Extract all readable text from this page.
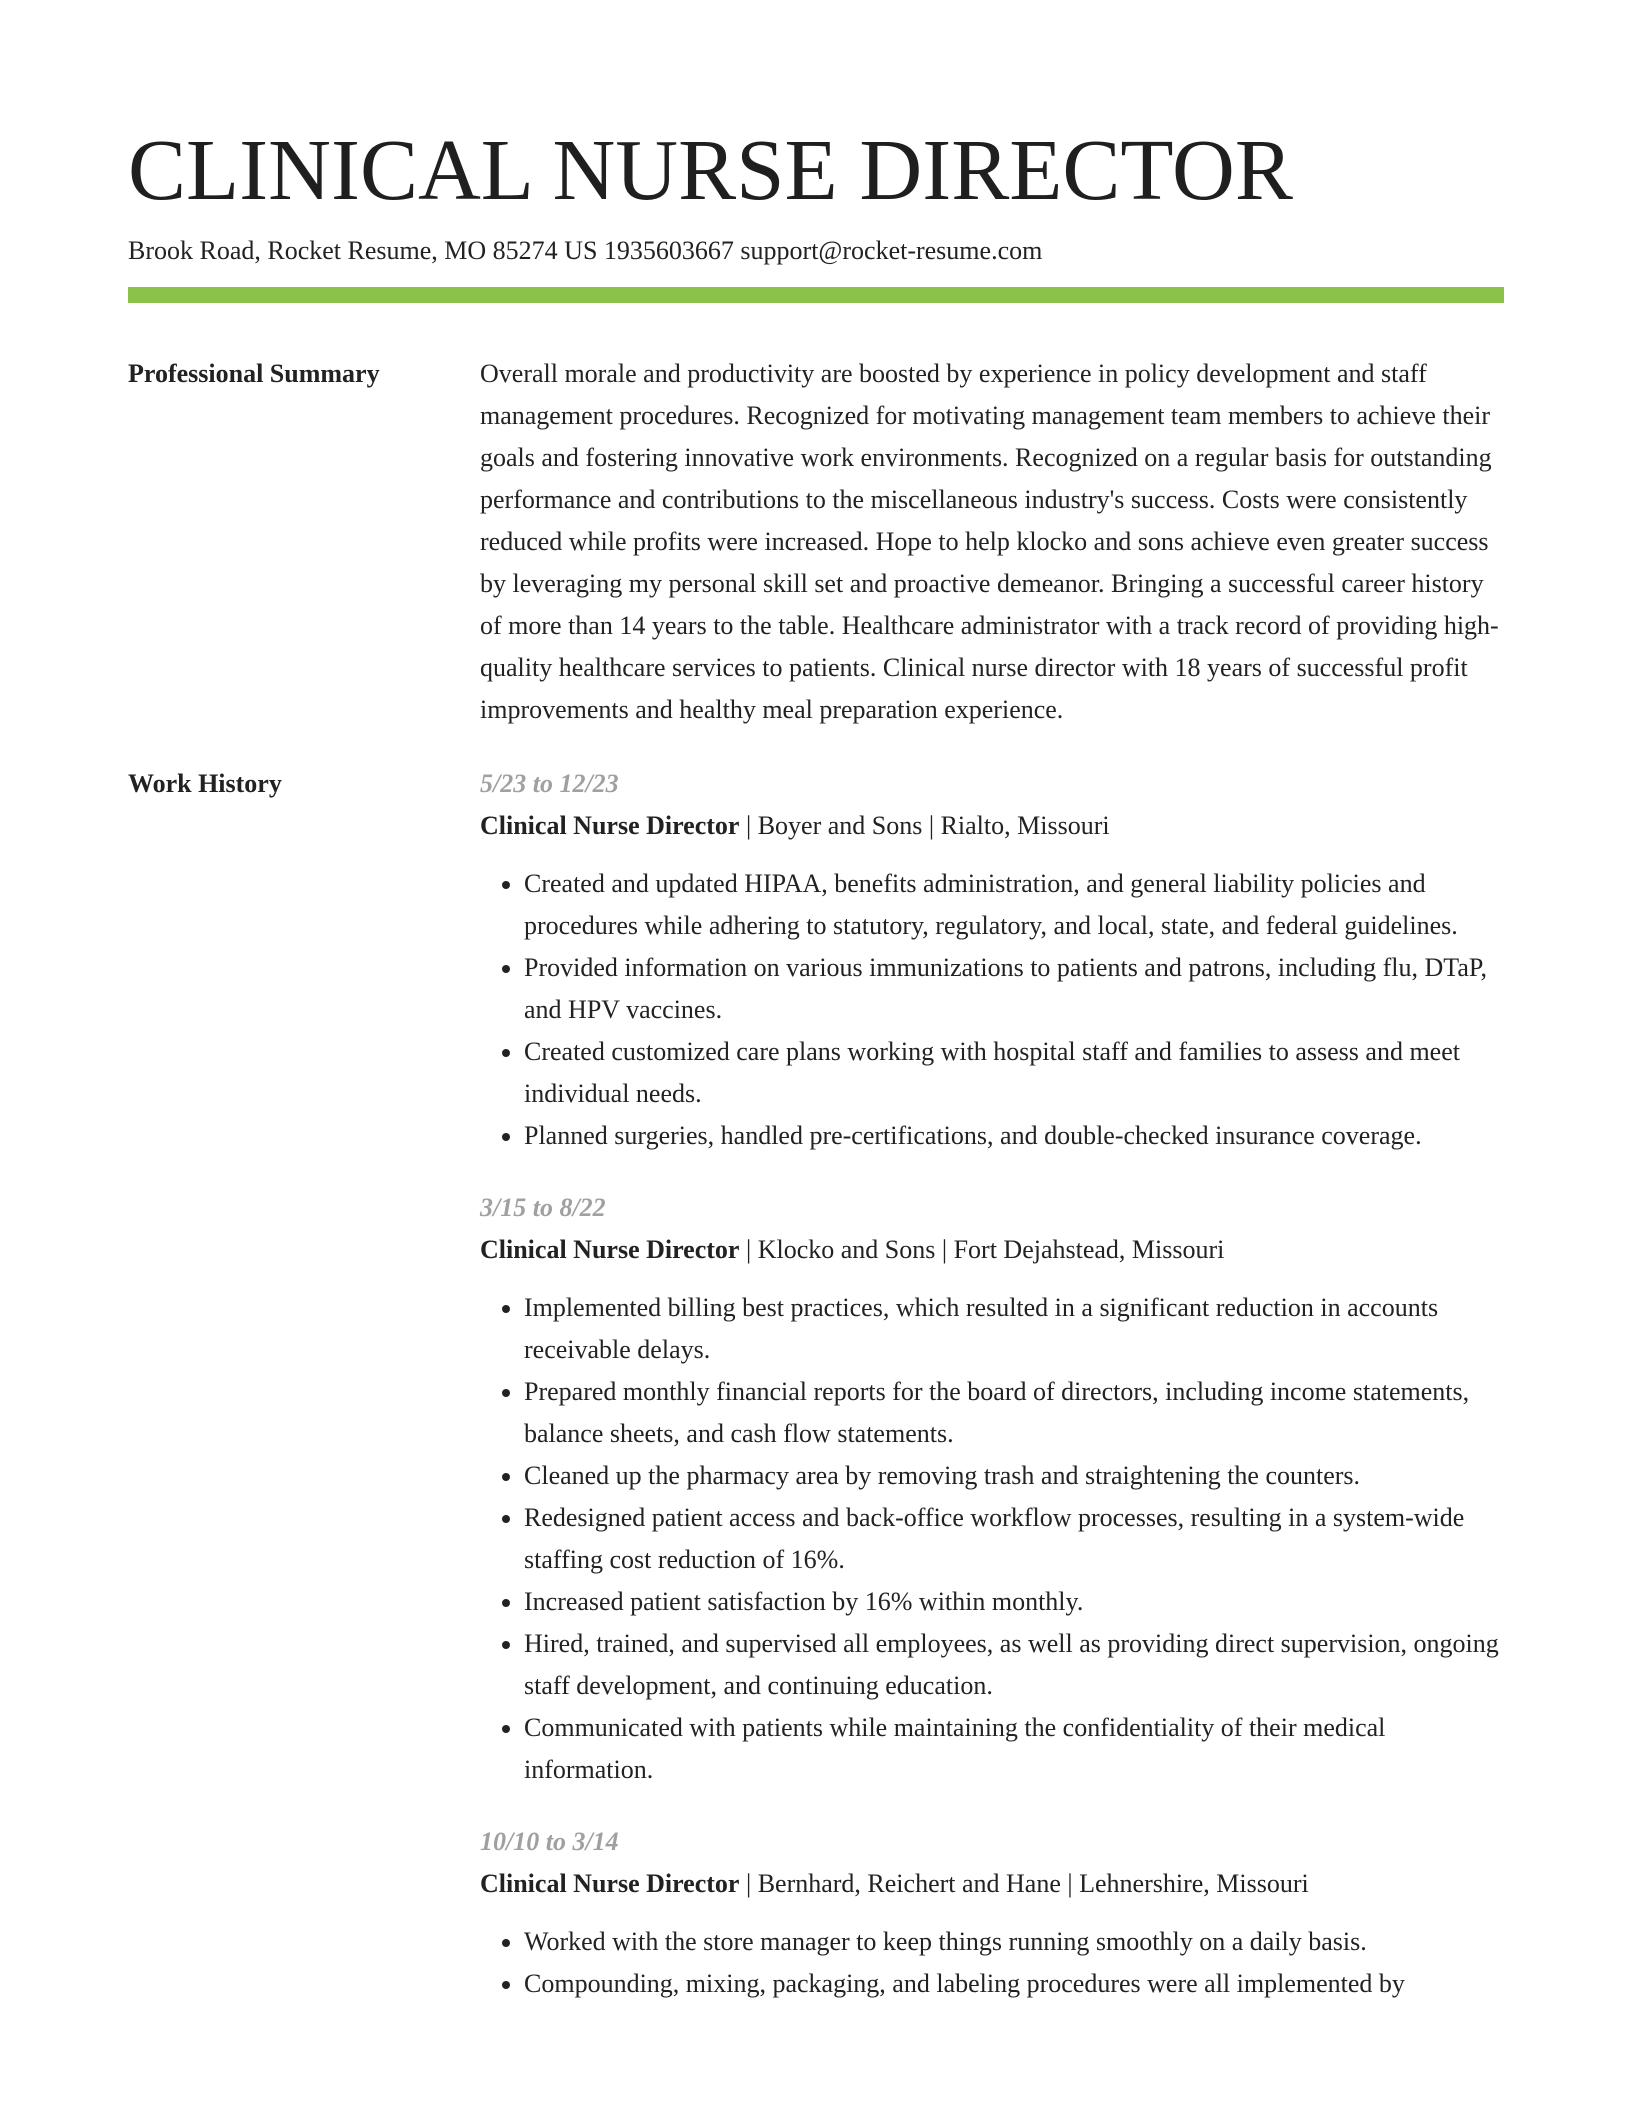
CLINICAL NURSE DIRECTOR
Brook Road, Rocket Resume, MO 85274 US 1935603667 support@rocket-resume.com
Professional Summary	Overall morale and productivity are boosted by experience in policy development and staff management procedures. Recognized for motivating management team members to achieve their goals and fostering innovative work environments. Recognized on a regular basis for outstanding performance and contributions to the miscellaneous industry's success. Costs were consistently reduced while profits were increased. Hope to help klocko and sons achieve even greater success by leveraging my personal skill set and proactive demeanor. Bringing a successful career history of more than 14 years to the table. Healthcare administrator with a track record of providing high-quality healthcare services to patients. Clinical nurse director with 18 years of successful profit improvements and healthy meal preparation experience.

Work History	5/23 to 12/23
Clinical Nurse Director | Boyer and Sons | Rialto, Missouri
• Created and updated HIPAA, benefits administration, and general liability policies and procedures while adhering to statutory, regulatory, and local, state, and federal guidelines.
• Provided information on various immunizations to patients and patrons, including flu, DTaP, and HPV vaccines.
• Created customized care plans working with hospital staff and families to assess and meet individual needs.
• Planned surgeries, handled pre-certifications, and double-checked insurance coverage.
3/15 to 8/22
Clinical Nurse Director | Klocko and Sons | Fort Dejahstead, Missouri
• Implemented billing best practices, which resulted in a significant reduction in accounts receivable delays.
• Prepared monthly financial reports for the board of directors, including income statements, balance sheets, and cash flow statements.
• Cleaned up the pharmacy area by removing trash and straightening the counters.
• Redesigned patient access and back-office workflow processes, resulting in a system-wide staffing cost reduction of 16%.
• Increased patient satisfaction by 16% within monthly.
• Hired, trained, and supervised all employees, as well as providing direct supervision, ongoing staff development, and continuing education.
• Communicated with patients while maintaining the confidentiality of their medical information.
10/10 to 3/14
Clinical Nurse Director | Bernhard, Reichert and Hane | Lehnershire, Missouri
• Worked with the store manager to keep things running smoothly on a daily basis.
• Compounding, mixing, packaging, and labeling procedures were all implemented by
